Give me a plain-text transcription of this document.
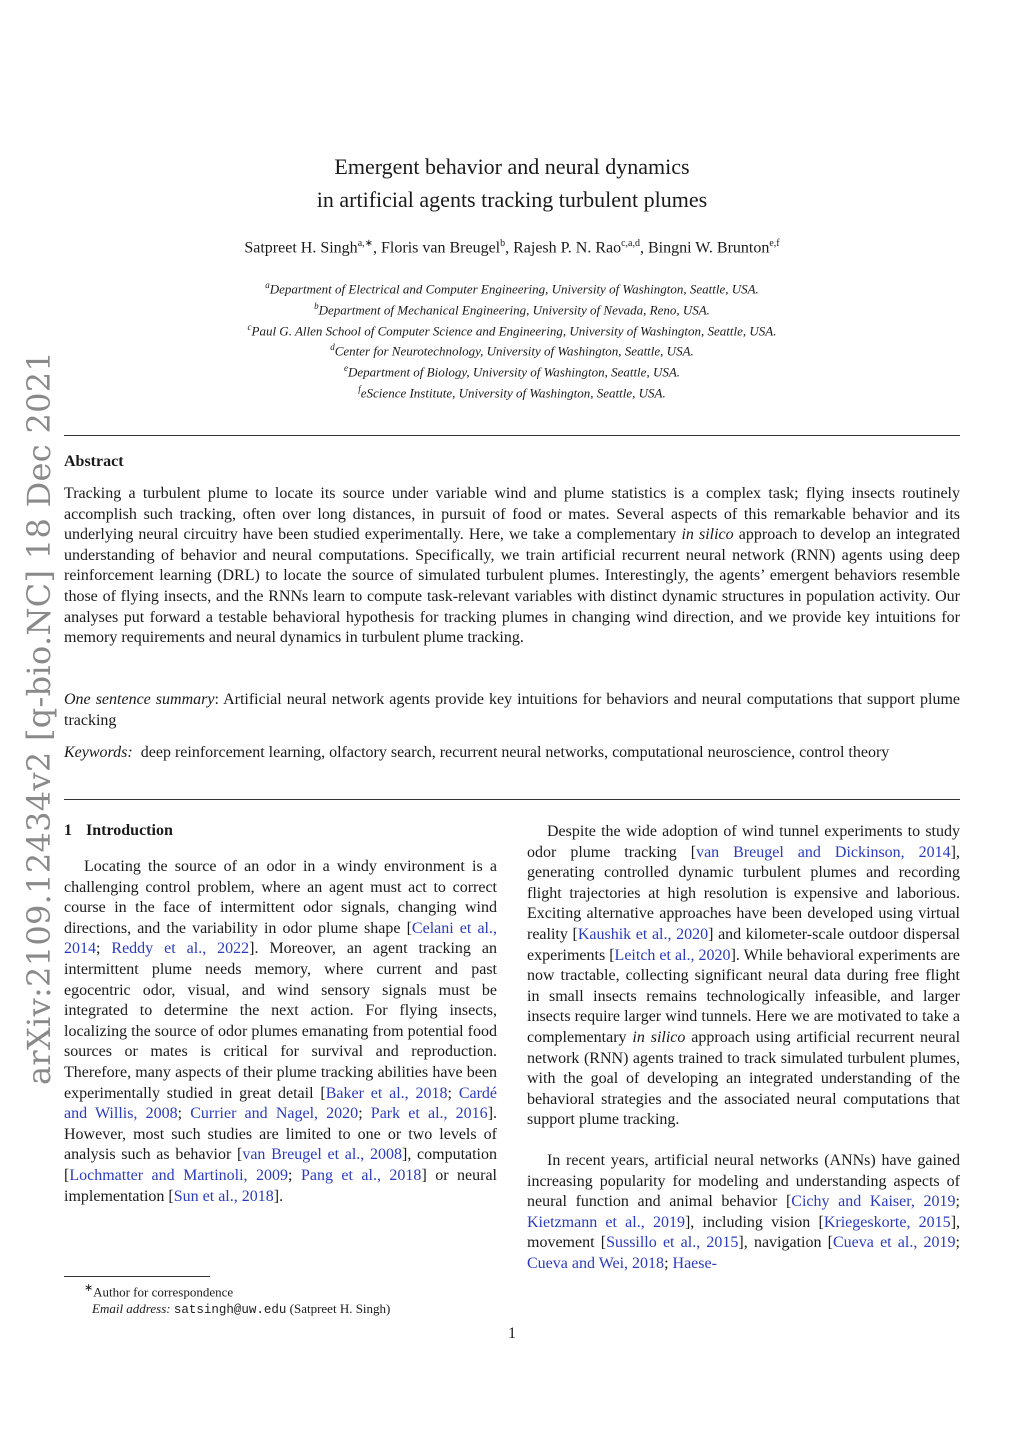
arXiv:2109.12434v2 [q-bio.NC] 18 Dec 2021
Emergent behavior and neural dynamics
in artificial agents tracking turbulent plumes
Satpreet H. Singh$^{a,∗}$, Floris van Breugel$^b$, Rajesh P. N. Rao$^{c,a,d}$, Bingni W. Brunton$^{e,f}$
$^a$Department of Electrical and Computer Engineering, University of Washington, Seattle, USA.
$^b$Department of Mechanical Engineering, University of Nevada, Reno, USA.
$^c$Paul G. Allen School of Computer Science and Engineering, University of Washington, Seattle, USA.
$^d$Center for Neurotechnology, University of Washington, Seattle, USA.
$^e$Department of Biology, University of Washington, Seattle, USA.
$^f$eScience Institute, University of Washington, Seattle, USA.
Abstract
Tracking a turbulent plume to locate its source under variable wind and plume statistics is a complex task; flying insects routinely accomplish such tracking, often over long distances, in pursuit of food or mates. Several aspects of this remarkable behavior and its underlying neural circuitry have been studied experimentally. Here, we take a complementary in silico approach to develop an integrated understanding of behavior and neural computations. Specifically, we train artificial recurrent neural network (RNN) agents using deep reinforcement learning (DRL) to locate the source of simulated turbulent plumes. Interestingly, the agents’ emergent behaviors resemble those of flying insects, and the RNNs learn to compute task-relevant variables with distinct dynamic structures in population activity. Our analyses put forward a testable behavioral hypothesis for tracking plumes in changing wind direction, and we provide key intuitions for memory requirements and neural dynamics in turbulent plume tracking.
One sentence summary: Artificial neural network agents provide key intuitions for behaviors and neural computations that support plume tracking
Keywords: deep reinforcement learning, olfactory search, recurrent neural networks, computational neuroscience, control theory
1 Introduction

Locating the source of an odor in a windy environment is a challenging control problem, where an agent must act to correct course in the face of intermittent odor signals, changing wind directions, and the variability in odor plume shape [Celani et al., 2014; Reddy et al., 2022]. Moreover, an agent tracking an intermittent plume needs memory, where current and past egocentric odor, visual, and wind sensory signals must be integrated to determine the next action. For flying insects, localizing the source of odor plumes emanating from potential food sources or mates is critical for survival and reproduction. Therefore, many aspects of their plume tracking abilities have been experimentally studied in great detail [Baker et al., 2018; Cardé and Willis, 2008; Currier and Nagel, 2020; Park et al., 2016]. However, most such studies are limited to one or two levels of analysis such as behavior [van Breugel et al., 2008], computation [Lochmatter and Martinoli, 2009; Pang et al., 2018] or neural implementation [Sun et al., 2018].

Despite the wide adoption of wind tunnel experiments to study odor plume tracking [van Breugel and Dickinson, 2014], generating controlled dynamic turbulent plumes and recording flight trajectories at high resolution is expensive and laborious. Exciting alternative approaches have been developed using virtual reality [Kaushik et al., 2020] and kilometer-scale outdoor dispersal experiments [Leitch et al., 2020]. While behavioral experiments are now tractable, collecting significant neural data during free flight in small insects remains technologically infeasible, and larger insects require larger wind tunnels. Here we are motivated to take a complementary in silico approach using artificial recurrent neural network (RNN) agents trained to track simulated turbulent plumes, with the goal of developing an integrated understanding of the behavioral strategies and the associated neural computations that support plume tracking.

In recent years, artificial neural networks (ANNs) have gained increasing popularity for modeling and understanding aspects of neural function and animal behavior [Cichy and Kaiser, 2019; Kietzmann et al., 2019], including vision [Kriegeskorte, 2015], movement [Sussillo et al., 2015], navigation [Cueva et al., 2019; Cueva and Wei, 2018; Haese-

∗Author for correspondence
Email address: satsingh@uw.edu (Satpreet H. Singh)
1
